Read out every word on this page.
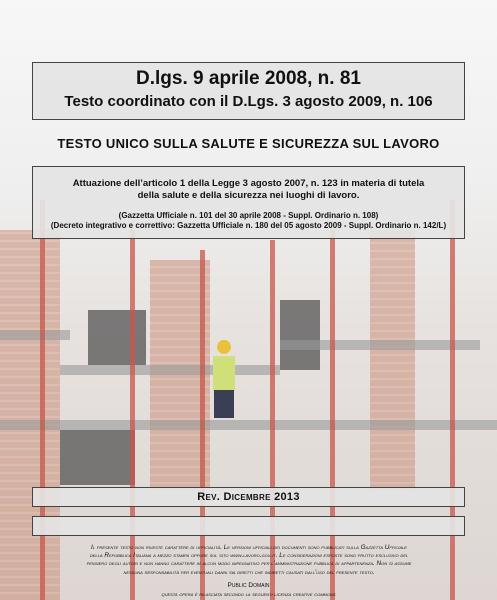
D.lgs. 9 aprile 2008, n. 81
Testo coordinato con il D.Lgs. 3 agosto 2009, n. 106
TESTO UNICO SULLA SALUTE E SICUREZZA SUL LAVORO
Attuazione dell’articolo 1 della Legge 3 agosto 2007, n. 123 in materia di tutela
della salute e della sicurezza nei luoghi di lavoro.
(Gazzetta Ufficiale n. 101 del 30 aprile 2008 - Suppl. Ordinario n. 108)
(Decreto integrativo e correttivo: Gazzetta Ufficiale n. 180 del 05 agosto 2009 - Suppl. Ordinario n. 142/L)
Rev. Dicembre 2013
Il presente testo non riveste carattere di ufficialità. Le versioni ufficiali dei documenti sono pubblicati sulla Gazzetta Ufficiale
della Repubblica Italiana a mezzo stampa oppure sul sito www.lavoro.gov.it. Le considerazioni esposte sono frutto esclusivo del
pensiero degli autori e non hanno carattere in alcun modo impegnativo per l'amministrazione pubblica di appartenenza. Non si assume
nessuna responsabilità per eventuali danni sia diretti che indiretti causati dall'uso del presente testo.
Public Domain
questa opera è rilasciata secondo la seguenti licenza creative commons
